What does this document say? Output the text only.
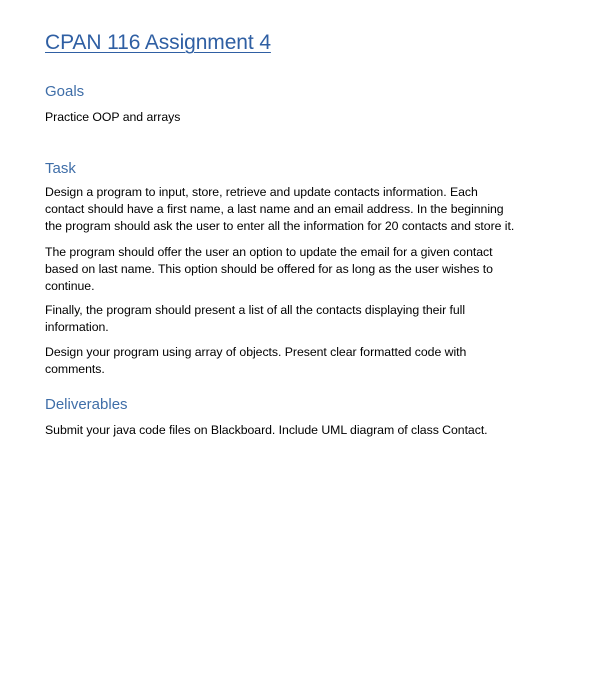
CPAN 116 Assignment 4
Goals

Practice OOP and arrays

Task

Design a program to input, store, retrieve and update contacts information. Each
contact should have a first name, a last name and an email address. In the beginning
the program should ask the user to enter all the information for 20 contacts and store it.

The program should offer the user an option to update the email for a given contact
based on last name. This option should be offered for as long as the user wishes to
continue.

Finally, the program should present a list of all the contacts displaying their full
information.

Design your program using array of objects. Present clear formatted code with
comments.

Deliverables

Submit your java code files on Blackboard. Include UML diagram of class Contact.
